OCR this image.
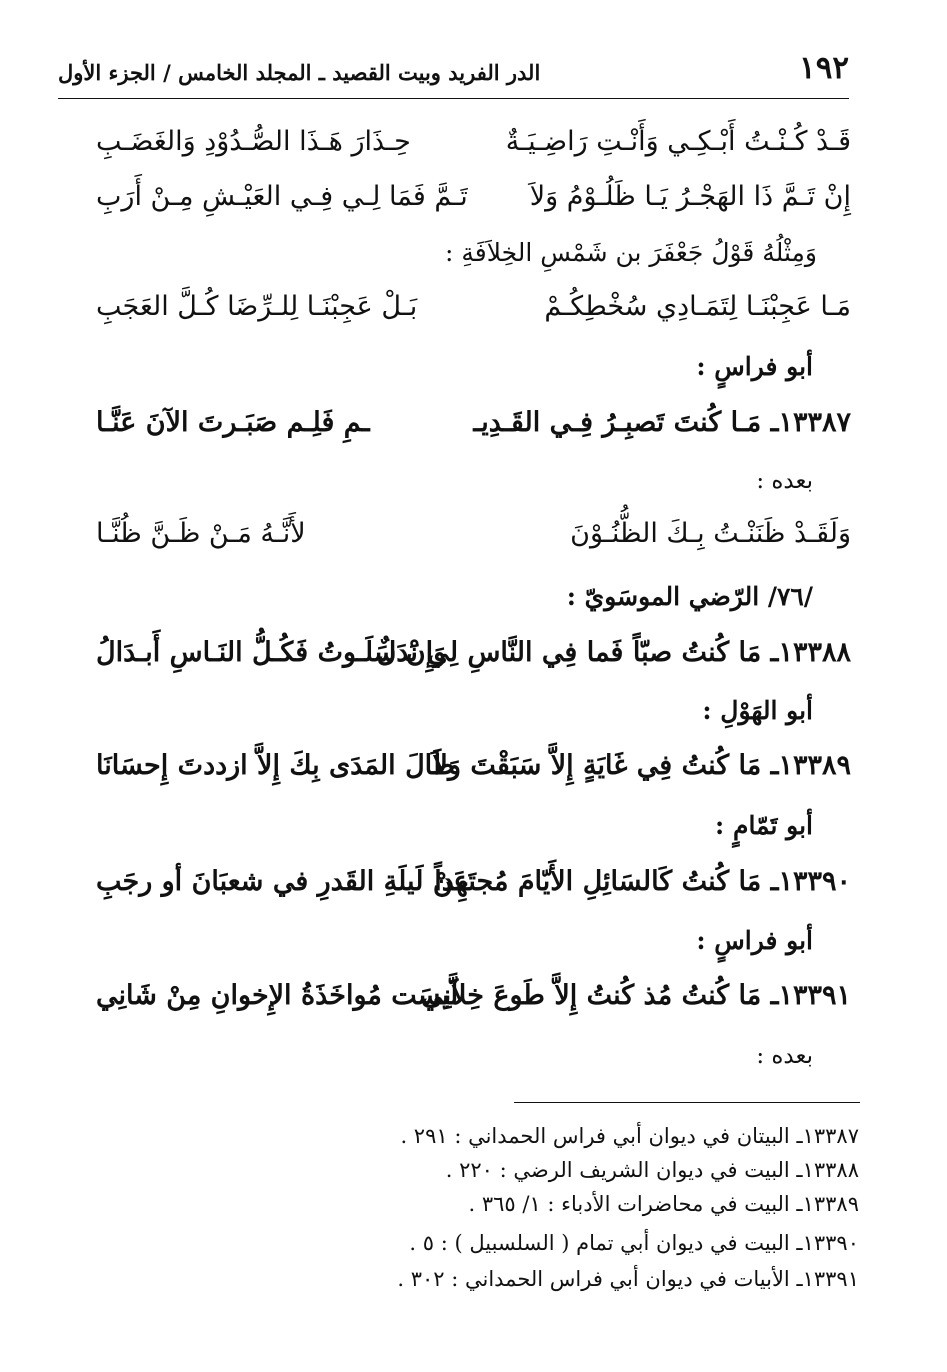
١٩٢
الدر الفريد وبيت القصيد ـ المجلد الخامس / الجزء الأول
قَـدْ كُـنْـتُ أَبْـكِـي وَأَنْـتِ رَاضِـيَـةٌ
حِـذَارَ هَـذَا الصُّـدُوْدِ وَالغَضَـبِ
إِنْ تَـمَّ ذَا الهَجْـرُ يَـا ظَلُـوْمُ وَلاَ
تَـمَّ فَمَا لِـي فِـي العَيْـشِ مِـنْ أَرَبِ
وَمِثْلُهُ قَوْلُ جَعْفَرَ بن شَمْسِ الخِلاَفَةِ :
مَـا عَجِبْنَـا لِتَمَـادِي سُخْطِكُـمْ
بَـلْ عَجِبْنَـا لِلـرِّضَا كُـلَّ العَجَبِ
أبو فراسٍ :
١٣٣٨٧ـ مَـا كُنتَ تَصبِـرُ فِـي القَـدِيـ
ـمِ فَلِـم صَبَـرتَ الآنَ عَنَّـا
بعده :
وَلَقَـدْ ظَنَنْـتُ بِـكَ الظُّنُـوْنَ
لأَنَّـهُ مَـنْ ظَـنَّ ظُنَّـا
/٧٦/ الرّضي الموسَويّ :
١٣٣٨٨ـ مَا كُنتُ صبّاً فَما فِي النَّاسِ لِي بَدَلٌ
وَإِنْ سَلَـوتُ فَكُـلُّ النَـاسِ أَبـدَالُ
أبو الهَوْلِ :
١٣٣٨٩ـ مَا كُنتُ فِي غَايَةٍ إِلاَّ سَبَقْتَ وَلاَ
طَالَ المَدَى بِكَ إِلاَّ ازددتَ إِحسَانَا
أبو تَمّامٍ :
١٣٣٩٠ـ مَا كُنتُ كَالسَائِلِ الأَيّامَ مُجتَهِداً
عَنْ لَيلَةِ القَدرِ في شعبَانَ أو رجَبِ
أبو فراسٍ :
١٣٣٩١ـ مَا كُنتُ مُذ كُنتُ إِلاَّ طَوعَ خِلاَّنِي
لَيسَت مُواخَذَةُ الإِخوانِ مِنْ شَانِي
بعده :
١٣٣٨٧ـ البيتان في ديوان أبي فراس الحمداني : ٢٩١ .
١٣٣٨٨ـ البيت في ديوان الشريف الرضي : ٢٢٠ .
١٣٣٨٩ـ البيت في محاضرات الأدباء : ١/ ٣٦٥ .
١٣٣٩٠ـ البيت في ديوان أبي تمام ( السلسبيل ) : ٥ .
١٣٣٩١ـ الأبيات في ديوان أبي فراس الحمداني : ٣٠٢ .
